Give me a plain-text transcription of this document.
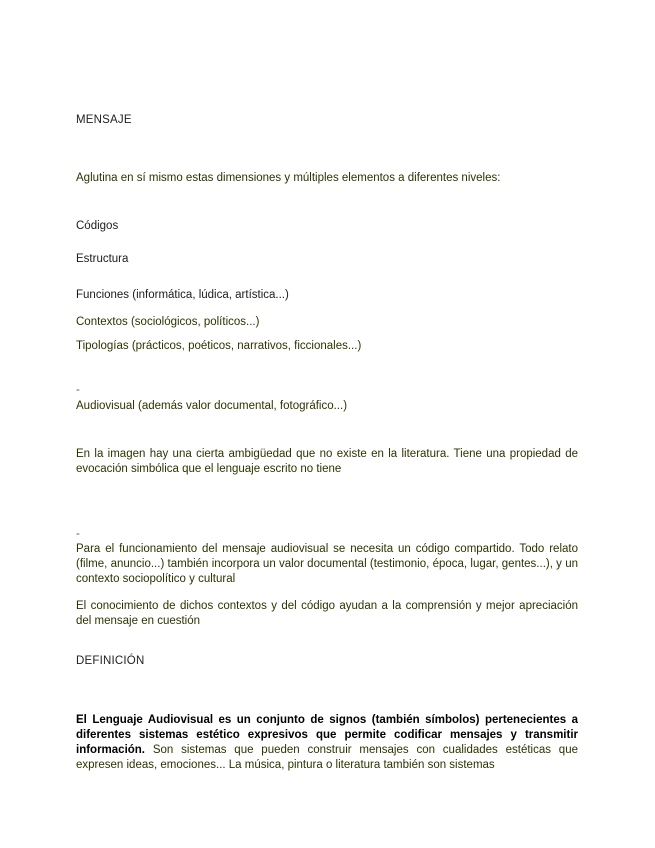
MENSAJE

Aglutina en sí mismo estas dimensiones y múltiples elementos a diferentes niveles:

Códigos

Estructura

Funciones (informática, lúdica, artística...)

Contextos (sociológicos, políticos...)

Tipologías (prácticos, poéticos, narrativos, ficcionales...)

-

Audiovisual (además valor documental, fotográfico...)

En la imagen hay una cierta ambigüedad que no existe en la literatura. Tiene una propiedad de evocación simbólica que el lenguaje escrito no tiene

-

Para el funcionamiento del mensaje audiovisual se necesita un código compartido. Todo relato (filme, anuncio...) también incorpora un valor documental (testimonio, época, lugar, gentes...), y un contexto sociopolítico y cultural

El conocimiento de dichos contextos y del código ayudan a la comprensión y mejor apreciación del mensaje en cuestión

DEFINICIÓN

El Lenguaje Audiovisual es un conjunto de signos (también símbolos) pertenecientes a diferentes sistemas estético expresivos que permite codificar mensajes y transmitir información. Son sistemas que pueden construir mensajes con cualidades estéticas que expresen ideas, emociones... La música, pintura o literatura también son sistemas
